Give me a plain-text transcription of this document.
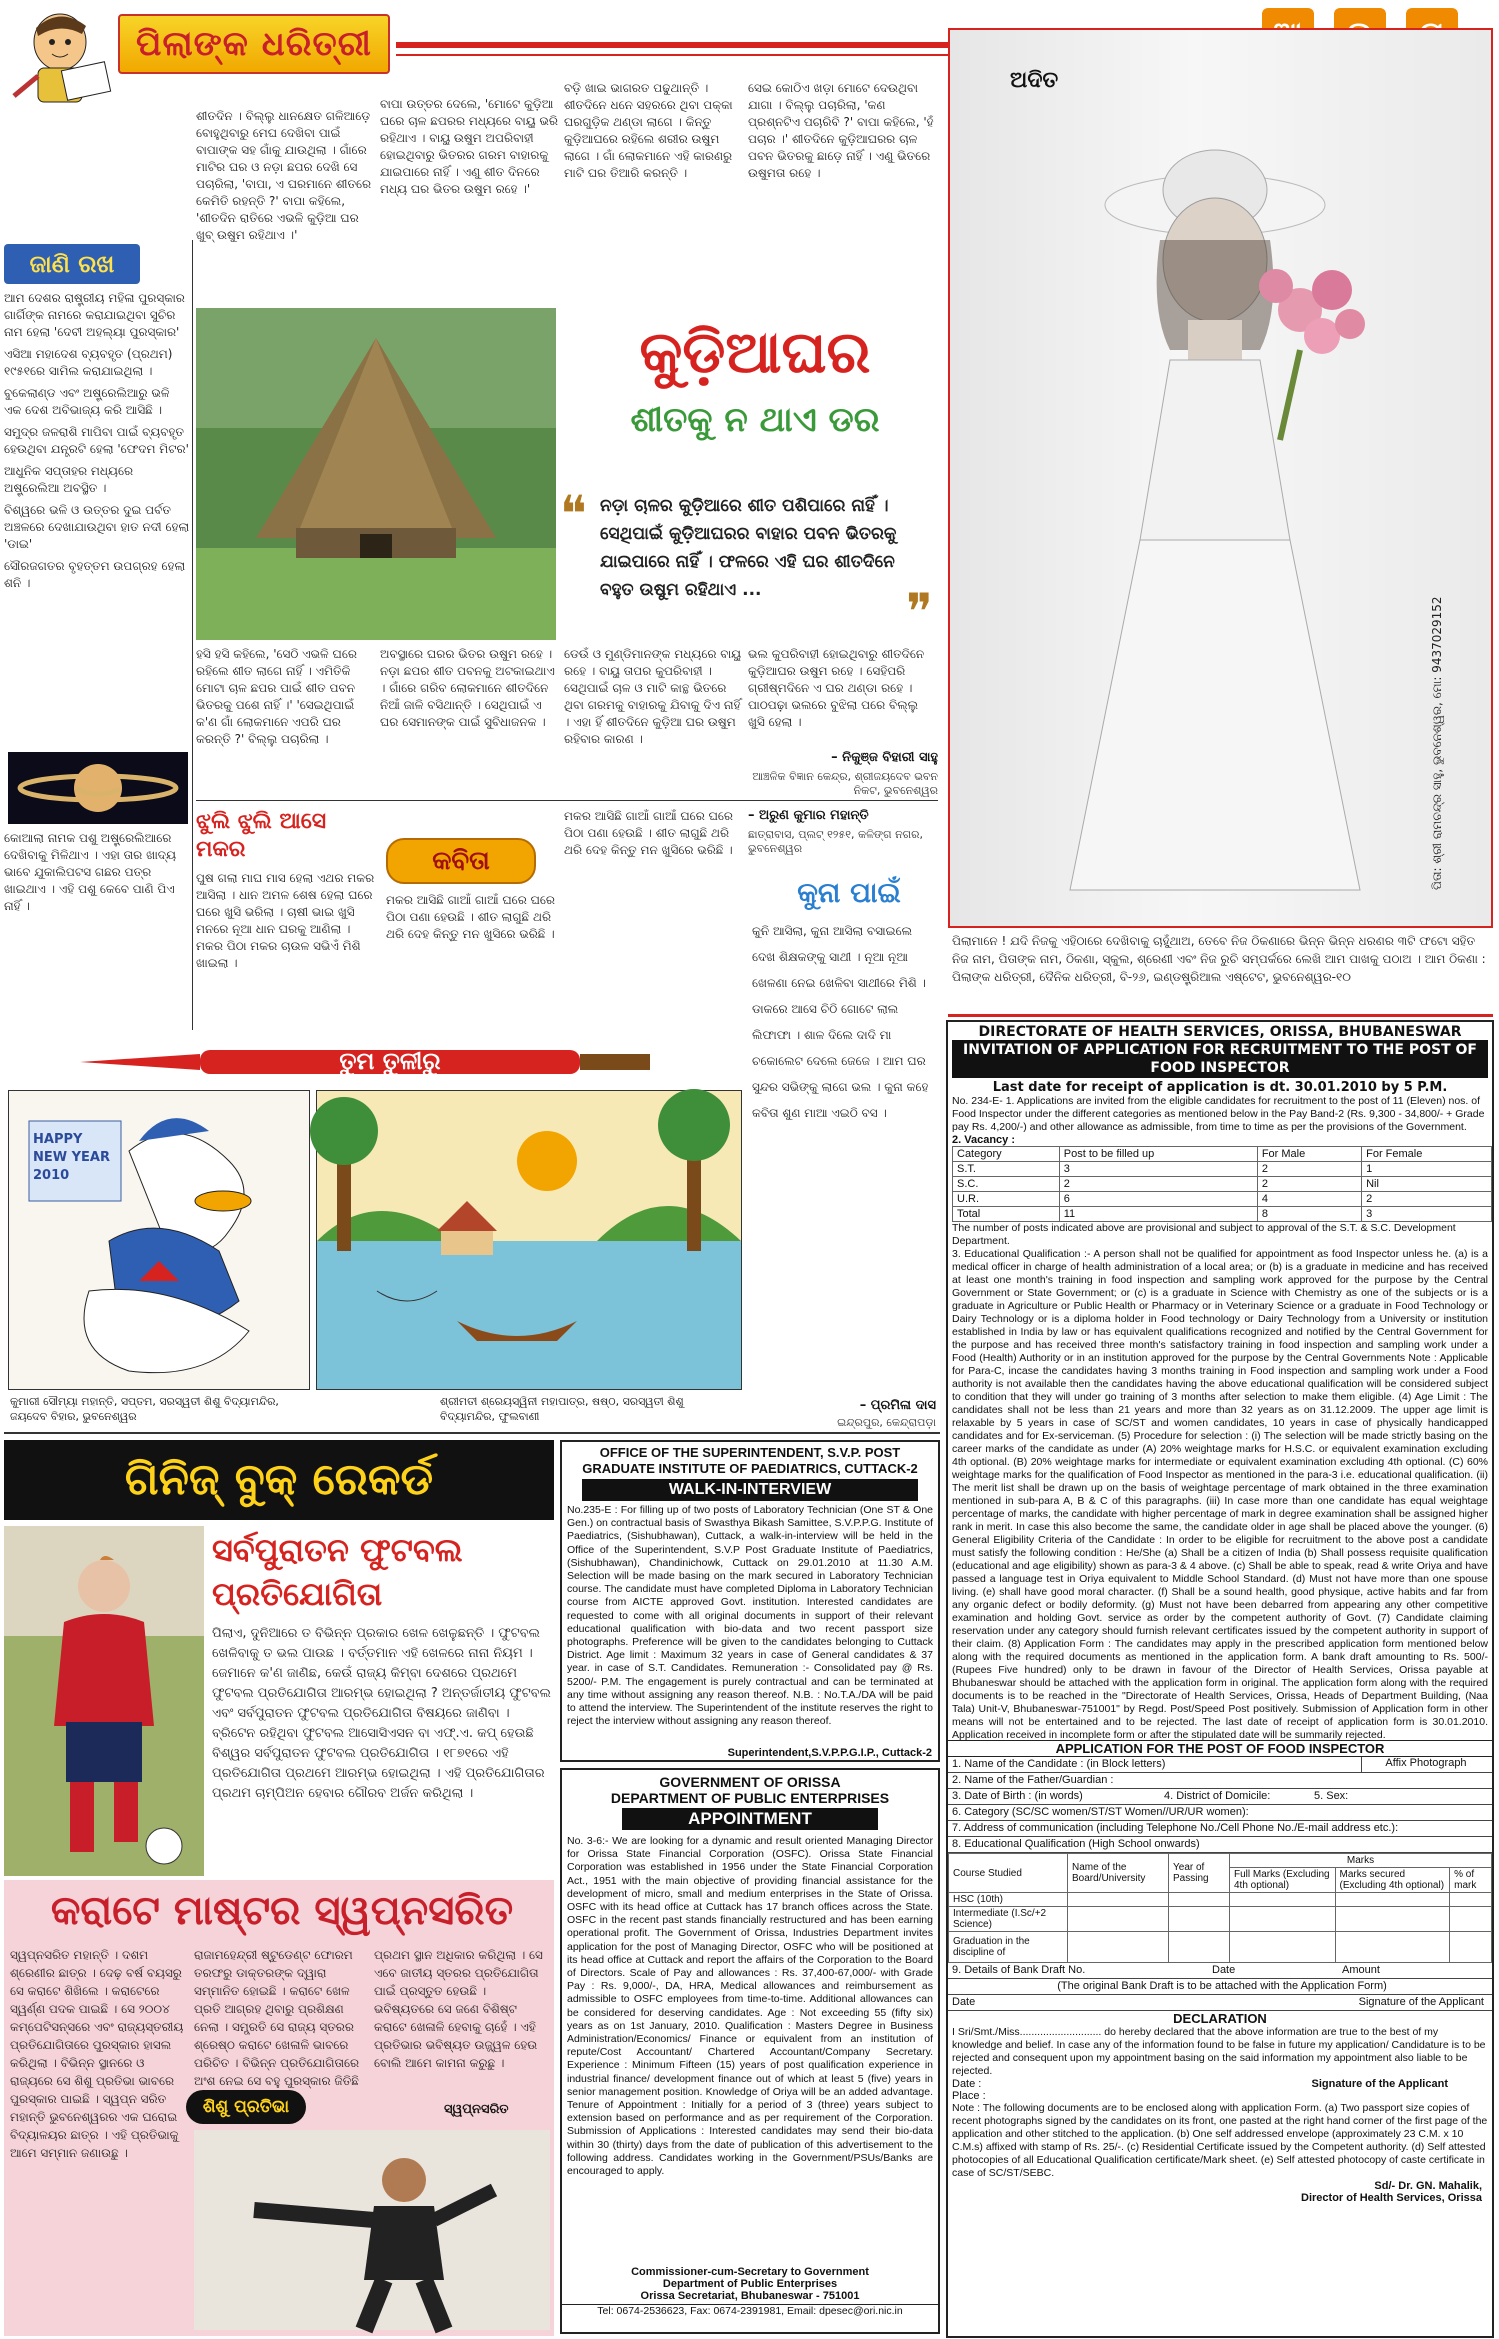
ପିଲାଙ୍କ ଧରିତ୍ରୀ
ଅଦିତ
ପିତା: ଶ୍ରୀ ରାମଚନ୍ଦ୍ର ସାହୁ, ଭୁବନେଶ୍ୱର, ମୋ: 9437029152
ପିଲାମାନେ ! ଯଦି ନିଜକୁ ଏହିଠାରେ ଦେଖିବାକୁ ଚାହୁଁଥାଅ, ତେବେ ନିଜ ଠିକଣାରେ ଭିନ୍ନ ଭିନ୍ନ ଧରଣର ୩ଟି ଫଟୋ ସହିତ ନିଜ ନାମ, ପିତାଙ୍କ ନାମ, ଠିକଣା, ସ୍କୁଲ, ଶ୍ରେଣୀ ଏବଂ ନିଜ ରୁଚି ସମ୍ପର୍କରେ ଲେଖି ଆମ ପାଖକୁ ପଠାଅ । ଆମ ଠିକଣା : ପିଲାଙ୍କ ଧରିତ୍ରୀ, ଦୈନିକ ଧରିତ୍ରୀ, ବି-୨୬, ଇଣ୍ଡଷ୍ଟ୍ରିଆଲ ଏଷ୍ଟେଟ, ଭୁବନେଶ୍ୱର-୧୦
ଜାଣି ରଖ
ଆମ ଦେଶର ରାଷ୍ଟ୍ରୀୟ ମହିଳା ପୁରସ୍କାର ଗାର୍ଗିଙ୍କ ନାମରେ କରାଯାଇଥିବା ସୁଚିର ନାମ ହେଲା 'ଦେବୀ ଅହଲ୍ୟା ପୁରସ୍କାର'
ଏସିଆ ମହାଦେଶ ବ୍ୟବହୃତ (ପ୍ରଥମ) ୧୯୫୧ରେ ସାମିଲ କରାଯାଇଥିଲା ।
ବୁକେଲାଣ୍ଡ ଏବଂ ଅଷ୍ଟ୍ରେଲିଆରୁ ଭଳି ଏକ ଦେଶ ଅବିଭାଜ୍ୟ କରି ଆସିଛି ।
ସମୁଦ୍ର ଜଳରାଶି ମାପିବା ପାଇଁ ବ୍ୟବହୃତ ହେଉଥିବା ଯନ୍ତ୍ରଟି ହେଲା 'ଫେଦମ ମିଟର'
ଆଧୁନିକ ସପ୍ତାହର ମଧ୍ୟରେ ଅଷ୍ଟ୍ରେଲିଆ ଅବସ୍ଥିତ ।
ବିଶ୍ୱରେ ଭଳି ଓ ଉତ୍ତର ଦୁଇ ପର୍ବତ ଅଞ୍ଚଳରେ ଦେଖାଯାଉଥିବା ହାତ ନଦୀ ହେଲା 'ଡାଇ'
ସୌରଜଗତର ବୃହତ୍ତମ ଉପଗ୍ରହ ହେଲା ଶନି ।
କୋଆଲା ନାମକ ପଶୁ ଅଷ୍ଟ୍ରେଲିଆରେ ଦେଖିବାକୁ ମିଳିଥାଏ । ଏହା ତାର ଖାଦ୍ୟ ଭାବେ ଯୁକାଲିପଟସ ଗଛର ପତ୍ର ଖାଇଥାଏ । ଏହି ପଶୁ କେବେ ପାଣି ପିଏ ନାହିଁ ।
ଶୀତଦିନ । ବିଲ୍ଲୁ ଧାନକ୍ଷେତ ଗଳିଆଡ଼େ ବୋହୁଥିବାରୁ ମେଘ ଦେଖିବା ପାଇଁ ବାପାଙ୍କ ସହ ଗାଁକୁ ଯାଉଥିଲା । ଗାଁରେ ମାଟିର ଘର ଓ ନଡ଼ା ଛପର ଦେଖି ସେ ପଚାରିଲା, 'ବାପା, ଏ ଘରମାନେ ଶୀତରେ କେମିତି ରହନ୍ତି ?' ବାପା କହିଲେ, 'ଶୀତଦିନ ରାତିରେ ଏଭଳି କୁଡ଼ିଆ ଘର ଖୁବ୍ ଉଷୁମ ରହିଥାଏ ।'
ବାପା ଉତ୍ତର ଦେଲେ, 'ମୋଟେ କୁଡ଼ିଆ ଘରେ ଚାଳ ଛପରର ମଧ୍ୟରେ ବାୟୁ ଭରି ରହିଥାଏ । ବାୟୁ ଉଷୁମ ଅପରିବାହୀ ହୋଇଥିବାରୁ ଭିତରର ଗରମ ବାହାରକୁ ଯାଇପାରେ ନାହିଁ । ଏଣୁ ଶୀତ ଦିନରେ ମଧ୍ୟ ଘର ଭିତର ଉଷୁମ ରହେ ।'
ବଡ଼ି ଖାଇ ଭାଗରତ ପଢୁଥାନ୍ତି । ଶୀତଦିନେ ଧନେ ସହରରେ ଥିବା ପକ୍କା ଘରଗୁଡ଼ିକ ଥଣ୍ଡା ଲାଗେ । କିନ୍ତୁ କୁଡ଼ିଆଘରେ ରହିଲେ ଶରୀର ଉଷୁମ ଲାଗେ । ଗାଁ ଲୋକମାନେ ଏହି କାରଣରୁ ମାଟି ଘର ତିଆରି କରନ୍ତି ।
ସେଇ କୋଠିଏ ଖଡ଼ା ମୋଟେ ଦେଉଥିବା ଯାଗା । ବିଲ୍ଲୁ ପଚାରିଲା, 'କଣ ପ୍ରଶ୍ନଟିଏ ପଚାରିବି ?' ବାପା କହିଲେ, 'ହଁ ପଚାର ।' ଶୀତଦିନେ କୁଡ଼ିଆଘରର ଚାଳ ପବନ ଭିତରକୁ ଛାଡ଼େ ନାହିଁ । ଏଣୁ ଭିତରେ ଉଷୁମତା ରହେ ।
କୁଡ଼ିଆଘର
ଶୀତକୁ ନ ଥାଏ ଡର
❝ ନଡ଼ା ଚାଳର କୁଡ଼ିଆରେ ଶୀତ ପଶିପାରେ ନାହିଁ । ସେଥିପାଇଁ କୁଡ଼ିଆଘରର ବାହାର ପବନ ଭିତରକୁ ଯାଇପାରେ ନାହିଁ । ଫଳରେ ଏହି ଘର ଶୀତଦିନେ ବହୁତ ଉଷୁମ ରହିଥାଏ ...	❞
ହସି ହସି କହିଲେ, 'ସେଠି ଏଭଳି ଘରେ ରହିଲେ ଶୀତ ଲାଗେ ନାହିଁ । ଏମିତିକି ମୋଟା ଚାଳ ଛପର ପାଇଁ ଶୀତ ପବନ ଭିତରକୁ ପଶେ ନାହିଁ ।' 'ସେଇଥିପାଇଁ କ'ଣ ଗାଁ ଲୋକମାନେ ଏପରି ଘର କରନ୍ତି ?' ବିଲ୍ଲୁ ପଚାରିଲା ।
ଅବସ୍ଥାରେ ଘରର ଭିତର ଉଷୁମ ରହେ । ନଡ଼ା ଛପର ଶୀତ ପବନକୁ ଅଟକାଇଥାଏ । ଗାଁରେ ଗରିବ ଲୋକମାନେ ଶୀତଦିନେ ନିଆଁ ଜାଳି ବସିଥାନ୍ତି । ସେଥିପାଇଁ ଏ ଘର ସେମାନଙ୍କ ପାଇଁ ସୁବିଧାଜନକ ।
ଡେଉଁ ଓ ମୁଣ୍ଡିମାନଙ୍କ ମଧ୍ୟରେ ବାୟୁ ରହେ । ବାୟୁ ତାପର କୁପରିବାହୀ । ସେଥିପାଇଁ ଚାଳ ଓ ମାଟି କାନ୍ଥ ଭିତରେ ଥିବା ଗରମକୁ ବାହାରକୁ ଯିବାକୁ ଦିଏ ନାହିଁ । ଏହା ହିଁ ଶୀତଦିନେ କୁଡ଼ିଆ ଘର ଉଷୁମ ରହିବାର କାରଣ ।
ଭଲ କୁପରିବାହୀ ହୋଇଥିବାରୁ ଶୀତଦିନେ କୁଡ଼ିଆଘର ଉଷୁମ ରହେ । ସେହିପରି ଗ୍ରୀଷ୍ମଦିନେ ଏ ଘର ଥଣ୍ଡା ରହେ । ପାଠପଢ଼ା ଭଲରେ ବୁଝିଲା ପରେ ବିଲ୍ଲୁ ଖୁସି ହେଲା ।
– ନିକୁଞ୍ଜ ବିହାରୀ ସାହୁ
ଆଞ୍ଚଳିକ ବିଜ୍ଞାନ କେନ୍ଦ୍ର, ଶ୍ରୀଜୟଦେବ ଭବନ ନିକଟ, ଭୁବନେଶ୍ୱର
ଝୁଲି ଝୁଲି ଆସେ ମକର
ପୁଷ ଗଲା ମାଘ ମାସ ହେଲା ଏଥର ମକର ଆସିଲା । ଧାନ ଅମଳ ଶେଷ ହେଲା ଘରେ ଘରେ ଖୁସି ଭରିଲା । ଚାଷୀ ଭାଇ ଖୁସି ମନରେ ନୂଆ ଧାନ ଘରକୁ ଆଣିଲା । ମକର ପିଠା ମକର ଚାଉଳ ସଭିଏଁ ମିଶି ଖାଇଲା ।
କବିତା
ମକର ଆସିଛି ଗାଆଁ ଗାଆଁ ଘରେ ଘରେ ପିଠା ପଣା ହେଉଛି । ଶୀତ ଲାଗୁଛି ଥରି ଥରି ଦେହ କିନ୍ତୁ ମନ ଖୁସିରେ ଭରିଛି ।
ମକର ଆସିଛି ଗାଆଁ ଗାଆଁ ଘରେ ଘରେ ପିଠା ପଣା ହେଉଛି । ଶୀତ ଲାଗୁଛି ଥରି ଥରି ଦେହ କିନ୍ତୁ ମନ ଖୁସିରେ ଭରିଛି ।
– ଅରୁଣ କୁମାର ମହାନ୍ତି
ଛାତ୍ରାବାସ, ପ୍ଲଟ୍ ୧୨୫୧, କଳିଙ୍ଗ ନଗର, ଭୁବନେଶ୍ୱର
କୁନା ପାଇଁ
କୁନି ଆସିଲା, କୁନା ଆସିଲା ବସାଇଲେ ଦେଖ ଶିକ୍ଷକଙ୍କୁ ସାଥୀ । ନୂଆ ନୂଆ ଖେଳଣା ନେଇ ଖେଳିବା ସାଥୀରେ ମିଶି । ଡାକରେ ଆସେ ଚିଠି ଗୋଟେ ଲାଲ ଲିଫାଫା । ଶାଳ ଦିଲେ ଦାଦି ମା ଚକୋଲେଟ ଦେଲେ ଜେଜେ । ଆମ ଘର ସୁନ୍ଦର ସଭିଙ୍କୁ ଲାଗେ ଭଲ । କୁନା କହେ କବିତା ଶୁଣ ମାଆ ଏଇଠି ବସ ।
– ପ୍ରମିଳା ଦାସ
ଇନ୍ଦ୍ରପୁର, କେନ୍ଦ୍ରାପଡ଼ା
ତୁମ ତୁଳୀରୁ
HAPPY NEW YEAR 2010
କୁମାରୀ ସୌମ୍ୟା ମହାନ୍ତି, ସପ୍ତମ, ସରସ୍ୱତୀ ଶିଶୁ ବିଦ୍ୟାମନ୍ଦିର, ଜୟଦେବ ବିହାର, ଭୁବନେଶ୍ୱର
ଶ୍ରୀମତୀ ଶ୍ରେୟସ୍ୱିନୀ ମହାପାତ୍ର, ଷଷ୍ଠ, ସରସ୍ୱତୀ ଶିଶୁ ବିଦ୍ୟାମନ୍ଦିର, ଫୁଲବାଣୀ
DIRECTORATE OF HEALTH SERVICES, ORISSA, BHUBANESWAR
INVITATION OF APPLICATION FOR RECRUITMENT TO THE POST OF FOOD INSPECTOR
Last date for receipt of application is dt. 30.01.2010 by 5 P.M.
No. 234-E- 1. Applications are invited from the eligible candidates for recruitment to the post of 11 (Eleven) nos. of Food Inspector under the different categories as mentioned below in the Pay Band-2 (Rs. 9,300 - 34,800/- + Grade pay Rs. 4,200/-) and other allowance as admissible, from time to time as per the provisions of the Government.
2. Vacancy :
Category	Post to be filled up	For Male	For Female
S.T.	3	2	1
S.C.	2	2	Nil
U.R.	6	4	2
Total	11	8	3
The number of posts indicated above are provisional and subject to approval of the S.T. & S.C. Development Department.
3. Educational Qualification :- A person shall not be qualified for appointment as food Inspector unless he. (a) is a medical officer in charge of health administration of a local area; or (b) is a graduate in medicine and has received at least one month's training in food inspection and sampling work approved for the purpose by the Central Government or State Government; or (c) is a graduate in Science with Chemistry as one of the subjects or is a graduate in Agriculture or Public Health or Pharmacy or in Veterinary Science or a graduate in Food Technology or Dairy Technology or is a diploma holder in Food technology or Dairy Technology from a University or institution established in India by law or has equivalent qualifications recognized and notified by the Central Government for the purpose and has received three month's satisfactory training in food inspection and sampling work under a Food (Health) Authority or in an institution approved for the purpose by the Central Governments Note : Applicable for Para-C, incase the candidates having 3 months training in Food inspection and sampling work under a Food authority is not available then the candidates having the above educational qualification will be considered subject to condition that they will under go training of 3 months after selection to make them eligible. (4) Age Limit : The candidates shall not be less than 21 years and more than 32 years as on 31.12.2009. The upper age limit is relaxable by 5 years in case of SC/ST and women candidates, 10 years in case of physically handicapped candidates and for Ex-serviceman. (5) Procedure for selection : (i) The selection will be made strictly basing on the career marks of the candidate as under (A) 20% weightage marks for H.S.C. or equivalent examination excluding 4th optional. (B) 20% weightage marks for intermediate or equivalent examination excluding 4th optional. (C) 60% weightage marks for the qualification of Food Inspector as mentioned in the para-3 i.e. educational qualification. (ii) The merit list shall be drawn up on the basis of weightage percentage of mark obtained in the three examination mentioned in sub-para A, B & C of this paragraphs. (iii) In case more than one candidate has equal weightage percentage of marks, the candidate with higher percentage of mark in degree examination shall be assigned higher rank in merit. In case this also become the same, the candidate older in age shall be placed above the younger. (6) General Eligibility Criteria of the Candidate : In order to be eligible for recruitment to the above post a candidate must satisfy the following condition : He/She (a) Shall be a citizen of India (b) Shall possess requisite qualification (educational and age eligibility) shown as para-3 & 4 above. (c) Shall be able to speak, read & write Oriya and have passed a language test in Oriya equivalent to Middle School Standard. (d) Must not have more than one spouse living. (e) shall have good moral character. (f) Shall be a sound health, good physique, active habits and far from any organic defect or bodily deformity. (g) Must not have been debarred from appearing any other competitive examination and holding Govt. service as order by the competent authority of Govt. (7) Candidate claiming reservation under any category should furnish relevant certificates issued by the competent authority in support of their claim. (8) Application Form : The candidates may apply in the prescribed application form mentioned below along with the required documents as mentioned in the application form. A bank draft amounting to Rs. 500/- (Rupees Five hundred) only to be drawn in favour of the Director of Health Services, Orissa payable at Bhubaneswar should be attached with the application form in original. The application form along with the required documents is to be reached in the "Directorate of Health Services, Orissa, Heads of Department Building, (Naa Tala) Unit-V, Bhubaneswar-751001" by Regd. Post/Speed Post positively. Submission of Application form in other means will not be entertained and to be rejected. The last date of receipt of application form is 30.01.2010. Application received in incomplete form or after the stipulated date will be summarily rejected.
APPLICATION FOR THE POST OF FOOD INSPECTOR
1. Name of the Candidate : (in Block letters)
2. Name of the Father/Guardian :
3. Date of Birth : (in words)	4. District of Domicile:	5. Sex:
6. Category (SC/SC women/ST/ST Women//UR/UR women):
7. Address of communication (including Telephone No./Cell Phone No./E-mail address etc.):
8. Educational Qualification (High School onwards)
Affix Photograph
Course Studied	Name of the Board/University	Year of Passing	Marks		
			Full Marks (Excluding 4th optional)	Marks secured (Excluding 4th optional)	% of mark
HSC (10th)					
Intermediate (I.Sc/+2 Science)					
Graduation in the discipline of					
9. Details of Bank Draft No.	Date	Amount
(The original Bank Draft is to be attached with the Application Form)
Date	Signature of the Applicant
DECLARATION
I Sri/Smt./Miss............................ do hereby declared that the above information are true to the best of my knowledge and belief. In case any of the information found to be false in future my application/ Candidature is to be rejected and consequent upon my appointment basing on the said information my appointment also liable to be rejected.
Date :	Signature of the Applicant
Place :
Note : The following documents are to be enclosed along with application Form. (a) Two passport size copies of recent photographs signed by the candidates on its front, one pasted at the right hand corner of the first page of the application and other stitched to the application. (b) One self addressed envelope (approximately 23 C.M. x 10 C.M.s) affixed with stamp of Rs. 25/-. (c) Residential Certificate issued by the Competent authority. (d) Self attested photocopies of all Educational Qualification certificate/Mark sheet. (e) Self attested photocopy of caste certificate in case of SC/ST/SEBC.
Sd/- Dr. GN. Mahalik,
Director of Health Services, Orissa
OFFICE OF THE SUPERINTENDENT, S.V.P. POST GRADUATE INSTITUTE OF PAEDIATRICS, CUTTACK-2
WALK-IN-INTERVIEW
No.235-E : For filling up of two posts of Laboratory Technician (One ST & One Gen.) on contractual basis of Swasthya Bikash Samittee, S.V.P.P.G. Institute of Paediatrics, (Sishubhawan), Cuttack, a walk-in-interview will be held in the Office of the Superintendent, S.V.P Post Graduate Institute of Paediatrics, (Sishubhawan), Chandinichowk, Cuttack on 29.01.2010 at 11.30 A.M. Selection will be made basing on the mark secured in Laboratory Technician course. The candidate must have completed Diploma in Laboratory Technician course from AICTE approved Govt. institution. Interested candidates are requested to come with all original documents in support of their relevant educational qualification with bio-data and two recent passport size photographs. Preference will be given to the candidates belonging to Cuttack District. Age limit : Maximum 32 years in case of General candidates & 37 year. in case of S.T. Candidates. Remuneration :- Consolidated pay @ Rs. 5200/- P.M. The engagement is purely contractual and can be terminated at any time without assigning any reason thereof. N.B. : No.T.A./DA will be paid to attend the interview. The Superintendent of the institute reserves the right to reject the interview without assigning any reason thereof.
Superintendent,S.V.P.P.G.I.P., Cuttack-2
GOVERNMENT OF ORISSA
DEPARTMENT OF PUBLIC ENTERPRISES
APPOINTMENT
No. 3-6:- We are looking for a dynamic and result oriented Managing Director for Orissa State Financial Corporation (OSFC). Orissa State Financial Corporation was established in 1956 under the State Financial Corporation Act., 1951 with the main objective of providing financial assistance for the development of micro, small and medium enterprises in the State of Orissa. OSFC with its head office at Cuttack has 17 branch offices across the State. OSFC in the recent past stands financially restructured and has been earning operational profit. The Government of Orissa, Industries Department invites application for the post of Managing Director, OSFC who will be positioned at its head office at Cuttack and report the affairs of the Corporation to the Board of Directors. Scale of Pay and allowances : Rs. 37,400-67,000/- with Grade Pay : Rs. 9,000/-, DA, HRA, Medical allowances and reimbursement as admissible to OSFC employees from time-to-time. Additional allowances can be considered for deserving candidates. Age : Not exceeding 55 (fifty six) years as on 1st January, 2010. Qualification : Masters Degree in Business Administration/Economics/ Finance or equivalent from an institution of repute/Cost Accountant/ Chartered Accountant/Company Secretary. Experience : Minimum Fifteen (15) years of post qualification experience in industrial finance/ development finance out of which at least 5 (five) years in senior management position. Knowledge of Oriya will be an added advantage. Tenure of Appointment : Initially for a period of 3 (three) years subject to extension based on performance and as per requirement of the Corporation. Submission of Applications : Interested candidates may send their bio-data within 30 (thirty) days from the date of publication of this advertisement to the following address. Candidates working in the Government/PSUs/Banks are encouraged to apply.
Commissioner-cum-Secretary to Government
Department of Public Enterprises
Orissa Secretariat, Bhubaneswar - 751001
Tel: 0674-2536623, Fax: 0674-2391981, Email: dpesec@ori.nic.in
ଗିନିଜ୍ ବୁକ୍ ରେକର୍ଡ
ସର୍ବପୁରାତନ ଫୁଟବଲ ପ୍ରତିଯୋଗିତା
ପିଲାଏ, ଦୁନିଆରେ ତ ବିଭିନ୍ନ ପ୍ରକାର ଖେଳ ଖେଳୁଛନ୍ତି । ଫୁଟବଲ ଖେଳିବାକୁ ତ ଭଲ ପାଉଛ । ବର୍ତ୍ତମାନ ଏହି ଖେଳରେ ନାନା ନିୟମ । ଜେମାନେ କ'ଣ ଜାଣିଛ, କେଉଁ ରାଜ୍ୟ କିମ୍ବା ଦେଶରେ ପ୍ରଥମେ ଫୁଟବଲ ପ୍ରତିଯୋଗିତା ଆରମ୍ଭ ହୋଇଥିଲା ? ଅନ୍ତର୍ଜାତୀୟ ଫୁଟବଲ ଏବଂ ସର୍ବପୁରାତନ ଫୁଟବଲ ପ୍ରତିଯୋଗିତା ବିଷୟରେ ଜାଣିବା । ବ୍ରିଟେନ ରହିଥିବା ଫୁଟବଲ ଆସୋସିଏସନ ବା ଏଫ୍.ଏ. କପ୍ ହେଉଛି ବିଶ୍ୱର ସର୍ବପୁରାତନ ଫୁଟବଲ ପ୍ରତିଯୋଗିତା । ୧୮୭୧ରେ ଏହି ପ୍ରତିଯୋଗିତା ପ୍ରଥମେ ଆରମ୍ଭ ହୋଇଥିଲା । ଏହି ପ୍ରତିଯୋଗିତାର ପ୍ରଥମ ଚାମ୍ପିଅନ ହେବାର ଗୌରବ ଅର୍ଜନ କରିଥିଲା ।
କରାଟେ ମାଷ୍ଟର ସ୍ୱପ୍ନସରିତ
ସ୍ୱପ୍ନସରିତ ମହାନ୍ତି । ଦଶମ ଶ୍ରେଣୀର ଛାତ୍ର । ଦେଢ଼ ବର୍ଷ ବୟସରୁ ସେ କରାଟେ ଶିଖିଲେ । କରାଟେରେ ସ୍ୱର୍ଣ୍ଣ ପଦକ ପାଇଛି । ସେ ୨୦୦୪ କମ୍ପେଟିସନ୍ସରେ ଏବଂ ରାଜ୍ୟସ୍ତରୀୟ ପ୍ରତିଯୋଗିତାରେ ପୁରସ୍କାର ହାସଲ କରିଥିଲା । ବିଭିନ୍ନ ସ୍ଥାନରେ ଓ ରାଜ୍ୟରେ ସେ ଶିଶୁ ପ୍ରତିଭା ଭାବରେ ପୁରସ୍କାର ପାଇଛି । ସ୍ୱପ୍ନ ସରିତ ମହାନ୍ତି ଭୁବନେଶ୍ୱରର ଏକ ଘରୋଇ ବିଦ୍ୟାଳୟର ଛାତ୍ର । ଏହି ପ୍ରତିଭାକୁ ଆମେ ସମ୍ମାନ ଜଣାଉଛୁ ।
ରାଜାମହେନ୍ଦ୍ରୀ ଷ୍ଟୁଡେଣ୍ଟ ଫୋରମ ତରଫରୁ ଡାକ୍ତରଙ୍କ ଦ୍ୱାରା ସମ୍ମାନିତ ହୋଇଛି । କରାଟେ ଖେଳ ପ୍ରତି ଆଗ୍ରହ ଥିବାରୁ ପ୍ରଶିକ୍ଷଣ ନେଲା । ସମ୍ପ୍ରତି ସେ ରାଜ୍ୟ ସ୍ତରର ଶ୍ରେଷ୍ଠ କରାଟେ ଖେଳାଳି ଭାବରେ ପରିଚିତ । ବିଭିନ୍ନ ପ୍ରତିଯୋଗିତାରେ ଅଂଶ ନେଇ ସେ ବହୁ ପୁରସ୍କାର ଜିତିଛି
ପ୍ରଥମ ସ୍ଥାନ ଅଧିକାର କରିଥିଲା । ସେ ଏବେ ଜାତୀୟ ସ୍ତରର ପ୍ରତିଯୋଗିତା ପାଇଁ ପ୍ରସ୍ତୁତ ହେଉଛି । ଭବିଷ୍ୟତରେ ସେ ଜଣେ ବିଶିଷ୍ଟ କରାଟେ ଖେଳାଳି ହେବାକୁ ଚାହେଁ । ଏହି ପ୍ରତିଭାର ଭବିଷ୍ୟତ ଉଜ୍ଜ୍ୱଳ ହେଉ ବୋଲି ଆମେ କାମନା କରୁଛୁ ।
ଶିଶୁ ପ୍ରତିଭା	ସ୍ୱପ୍ନସରିତ
